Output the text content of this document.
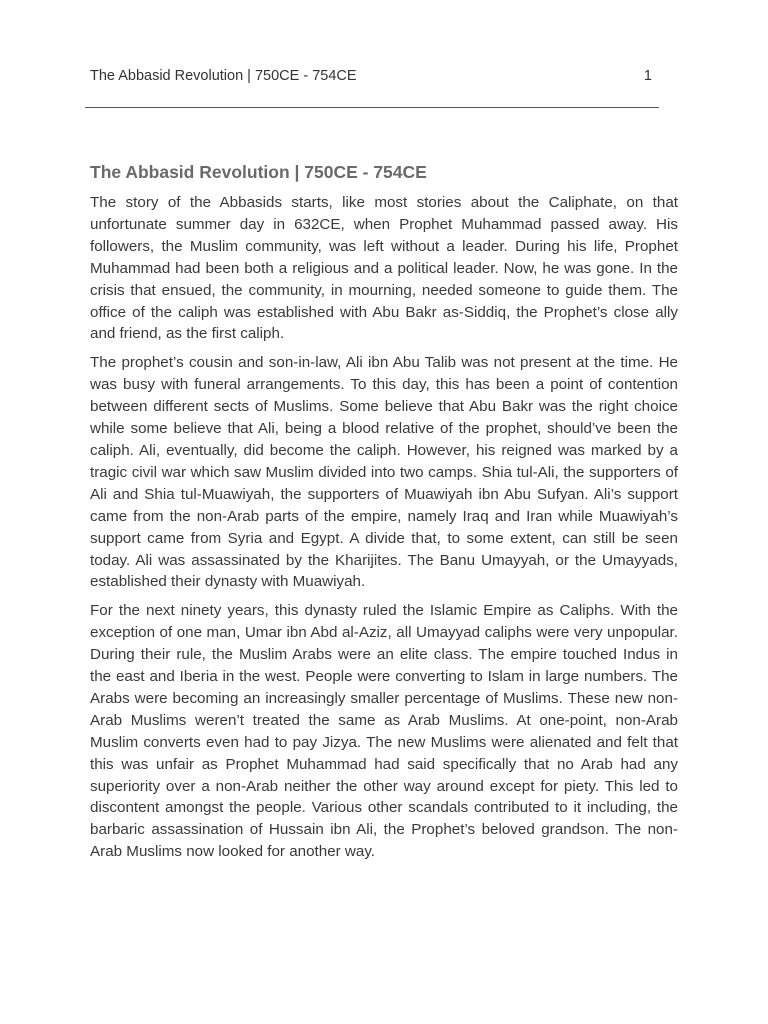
The Abbasid Revolution | 750CE - 754CE	1
The Abbasid Revolution | 750CE - 754CE

The story of the Abbasids starts, like most stories about the Caliphate, on that unfortunate summer day in 632CE, when Prophet Muhammad passed away. His followers, the Muslim community, was left without a leader. During his life, Prophet Muhammad had been both a religious and a political leader. Now, he was gone. In the crisis that ensued, the community, in mourning, needed someone to guide them. The office of the caliph was established with Abu Bakr as-Siddiq, the Prophet’s close ally and friend, as the first caliph.

The prophet’s cousin and son-in-law, Ali ibn Abu Talib was not present at the time. He was busy with funeral arrangements. To this day, this has been a point of contention between different sects of Muslims. Some believe that Abu Bakr was the right choice while some believe that Ali, being a blood relative of the prophet, should’ve been the caliph. Ali, eventually, did become the caliph. However, his reigned was marked by a tragic civil war which saw Muslim divided into two camps. Shia tul-Ali, the supporters of Ali and Shia tul-Muawiyah, the supporters of Muawiyah ibn Abu Sufyan. Ali’s support came from the non-Arab parts of the empire, namely Iraq and Iran while Muawiyah’s support came from Syria and Egypt. A divide that, to some extent, can still be seen today. Ali was assassinated by the Kharijites. The Banu Umayyah, or the Umayyads, established their dynasty with Muawiyah.

For the next ninety years, this dynasty ruled the Islamic Empire as Caliphs. With the exception of one man, Umar ibn Abd al-Aziz, all Umayyad caliphs were very unpopular. During their rule, the Muslim Arabs were an elite class. The empire touched Indus in the east and Iberia in the west. People were converting to Islam in large numbers. The Arabs were becoming an increasingly smaller percentage of Muslims. These new non-Arab Muslims weren’t treated the same as Arab Muslims. At one-point, non-Arab Muslim converts even had to pay Jizya. The new Muslims were alienated and felt that this was unfair as Prophet Muhammad had said specifically that no Arab had any superiority over a non-Arab neither the other way around except for piety. This led to discontent amongst the people. Various other scandals contributed to it including, the barbaric assassination of Hussain ibn Ali, the Prophet’s beloved grandson. The non-Arab Muslims now looked for another way.
